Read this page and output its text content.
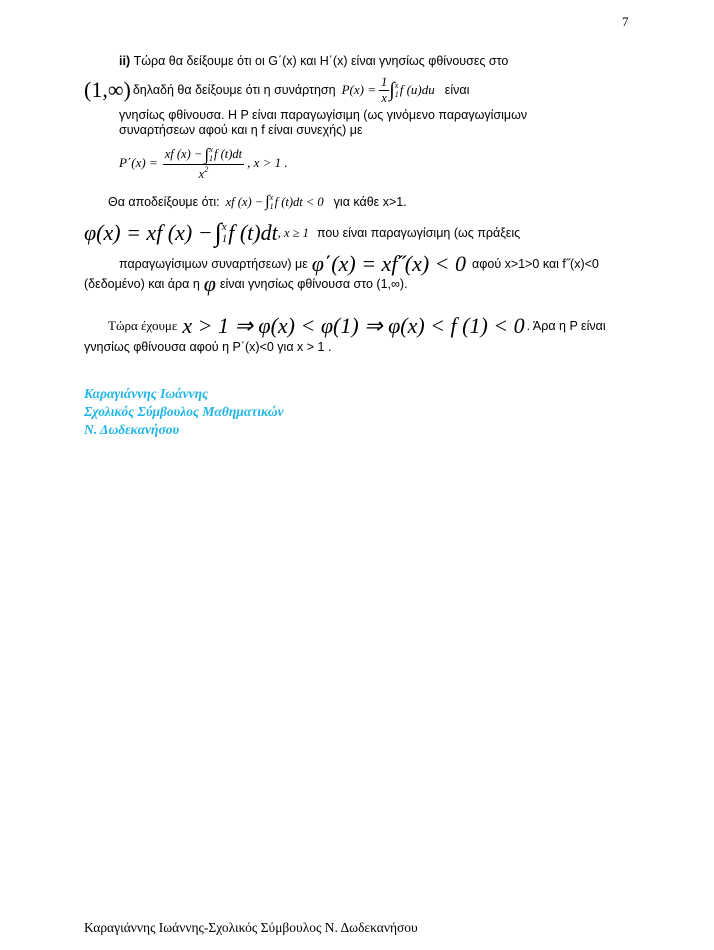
7
ii) Τώρα θα δείξουμε ότι οι G΄(x) και H΄(x) είναι γνησίως φθίνουσες στο
(1,∞) δηλαδή θα δείξουμε ότι η συνάρτηση $P(x) = \frac{1}{x}$ ∫ x
1 f (u)du είναι
γνησίως φθίνουσα. Η P είναι παραγωγίσιμη (ως γινόμενο παραγωγίσιμων
συναρτήσεων αφού και η f είναι συνεχής) με
P΄(x) =
xf (x) − ∫ x
1 f (t)dt
$x^2$	, x > 1 .
Θα αποδείξουμε ότι: xf (x) − ∫ x
1 f (t)dt < 0 για κάθε x>1.
φ(x) = xf (x) − ∫ x
1 f (t)dt , x ≥ 1 που είναι παραγωγίσιμη (ως πράξεις
παραγωγίσιμων συναρτήσεων) με φ΄(x) = xf˝(x) < 0 αφού x>1>0 και f˝(x)<0
(δεδομένο) και άρα η φ είναι γνησίως φθίνουσα στο (1,∞).
Τώρα έχουμε x > 1 ⇒ φ(x) < φ(1) ⇒ φ(x) < f (1) < 0 . Άρα η P είναι
γνησίως φθίνουσα αφού η P΄(x)<0 για x > 1 .
Καραγιάννης Ιωάννης
Σχολικός Σύμβουλος Μαθηματικών
Ν. Δωδεκανήσου
Καραγιάννης Ιωάννης-Σχολικός Σύμβουλος Ν. Δωδεκανήσου
